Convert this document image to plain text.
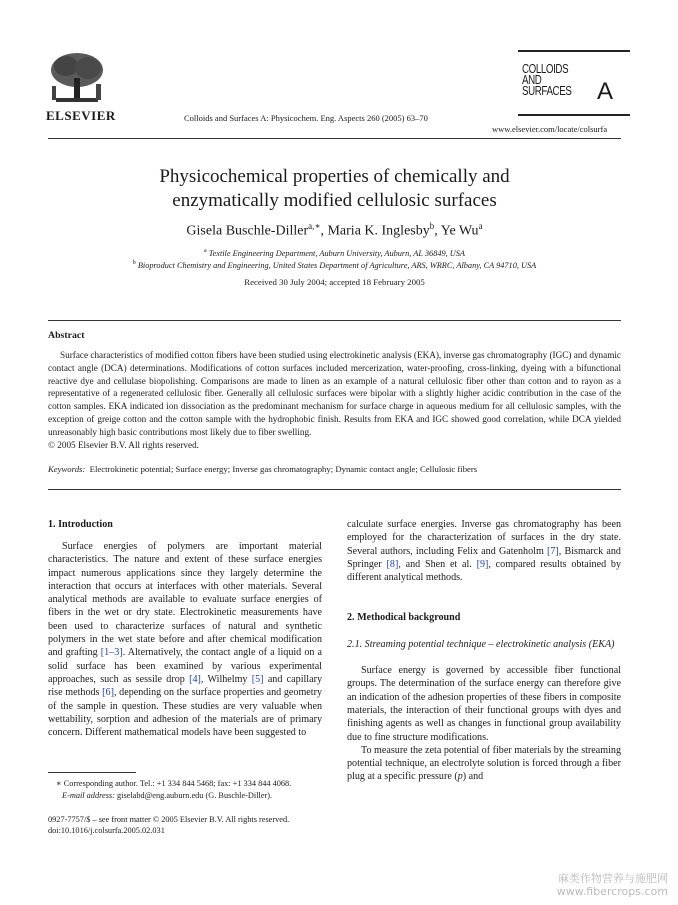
ELSEVIER	Colloids and Surfaces A: Physicochem. Eng. Aspects 260 (2005) 63–70
COLLOIDS
AND
SURFACES A
www.elsevier.com/locate/colsurfa
Physicochemical properties of chemically and
enzymatically modified cellulosic surfaces
Gisela Buschle-Diller$^{a,∗}$, Maria K. Inglesby$^b$, Ye Wu$^a$
$^a$ Textile Engineering Department, Auburn University, Auburn, AL 36849, USA
$^b$ Bioproduct Chemistry and Engineering, United States Department of Agriculture, ARS, WRRC, Albany, CA 94710, USA
Received 30 July 2004; accepted 18 February 2005
Abstract

Surface characteristics of modified cotton fibers have been studied using electrokinetic analysis (EKA), inverse gas chromatography (IGC) and dynamic contact angle (DCA) determinations. Modifications of cotton surfaces included mercerization, water-proofing, cross-linking, dyeing with a bifunctional reactive dye and cellulase biopolishing. Comparisons are made to linen as an example of a natural cellulosic fiber other than cotton and to rayon as a representative of a regenerated cellulosic fiber. Generally all cellulosic surfaces were bipolar with a slightly higher acidic contribution in the case of the cotton samples. EKA indicated ion dissociation as the predominant mechanism for surface charge in aqueous medium for all cellulosic samples, with the exception of greige cotton and the cotton sample with the hydrophobic finish. Results from EKA and IGC showed good correlation, while DCA yielded unreasonably high basic contributions most likely due to fiber swelling.

© 2005 Elsevier B.V. All rights reserved.
Keywords: Electrokinetic potential; Surface energy; Inverse gas chromatography; Dynamic contact angle; Cellulosic fibers
1. Introduction

Surface energies of polymers are important material characteristics. The nature and extent of these surface energies impact numerous applications since they largely determine the interaction that occurs at interfaces with other materials. Several analytical methods are available to evaluate surface energies of fibers in the wet or dry state. Electrokinetic measurements have been used to characterize surfaces of natural and synthetic polymers in the wet state before and after chemical modification and grafting [1–3]. Alternatively, the contact angle of a liquid on a solid surface has been examined by various experimental approaches, such as sessile drop [4], Wilhelmy [5] and capillary rise methods [6], depending on the surface properties and geometry of the sample in question. These studies are very valuable when wettability, sorption and adhesion of the materials are of primary concern. Different mathematical models have been suggested to

∗ Corresponding author. Tel.: +1 334 844 5468; fax: +1 334 844 4068.
E-mail address: giselabd@eng.auburn.edu (G. Buschle-Diller).
0927-7757/$ – see front matter © 2005 Elsevier B.V. All rights reserved.
doi:10.1016/j.colsurfa.2005.02.031

calculate surface energies. Inverse gas chromatography has been employed for the characterization of surfaces in the dry state. Several authors, including Felix and Gatenholm [7], Bismarck and Springer [8], and Shen et al. [9], compared results obtained by different analytical methods.

2. Methodical background
2.1. Streaming potential technique – electrokinetic analysis (EKA)

Surface energy is governed by accessible fiber functional groups. The determination of the surface energy can therefore give an indication of the adhesion properties of these fibers in composite materials, the interaction of their functional groups with dyes and finishing agents as well as changes in functional group availability due to fine structure modifications.

To measure the zeta potential of fiber materials by the streaming potential technique, an electrolyte solution is forced through a fiber plug at a specific pressure (p) and

麻类作物营养与施肥网
www.fibercrops.com
